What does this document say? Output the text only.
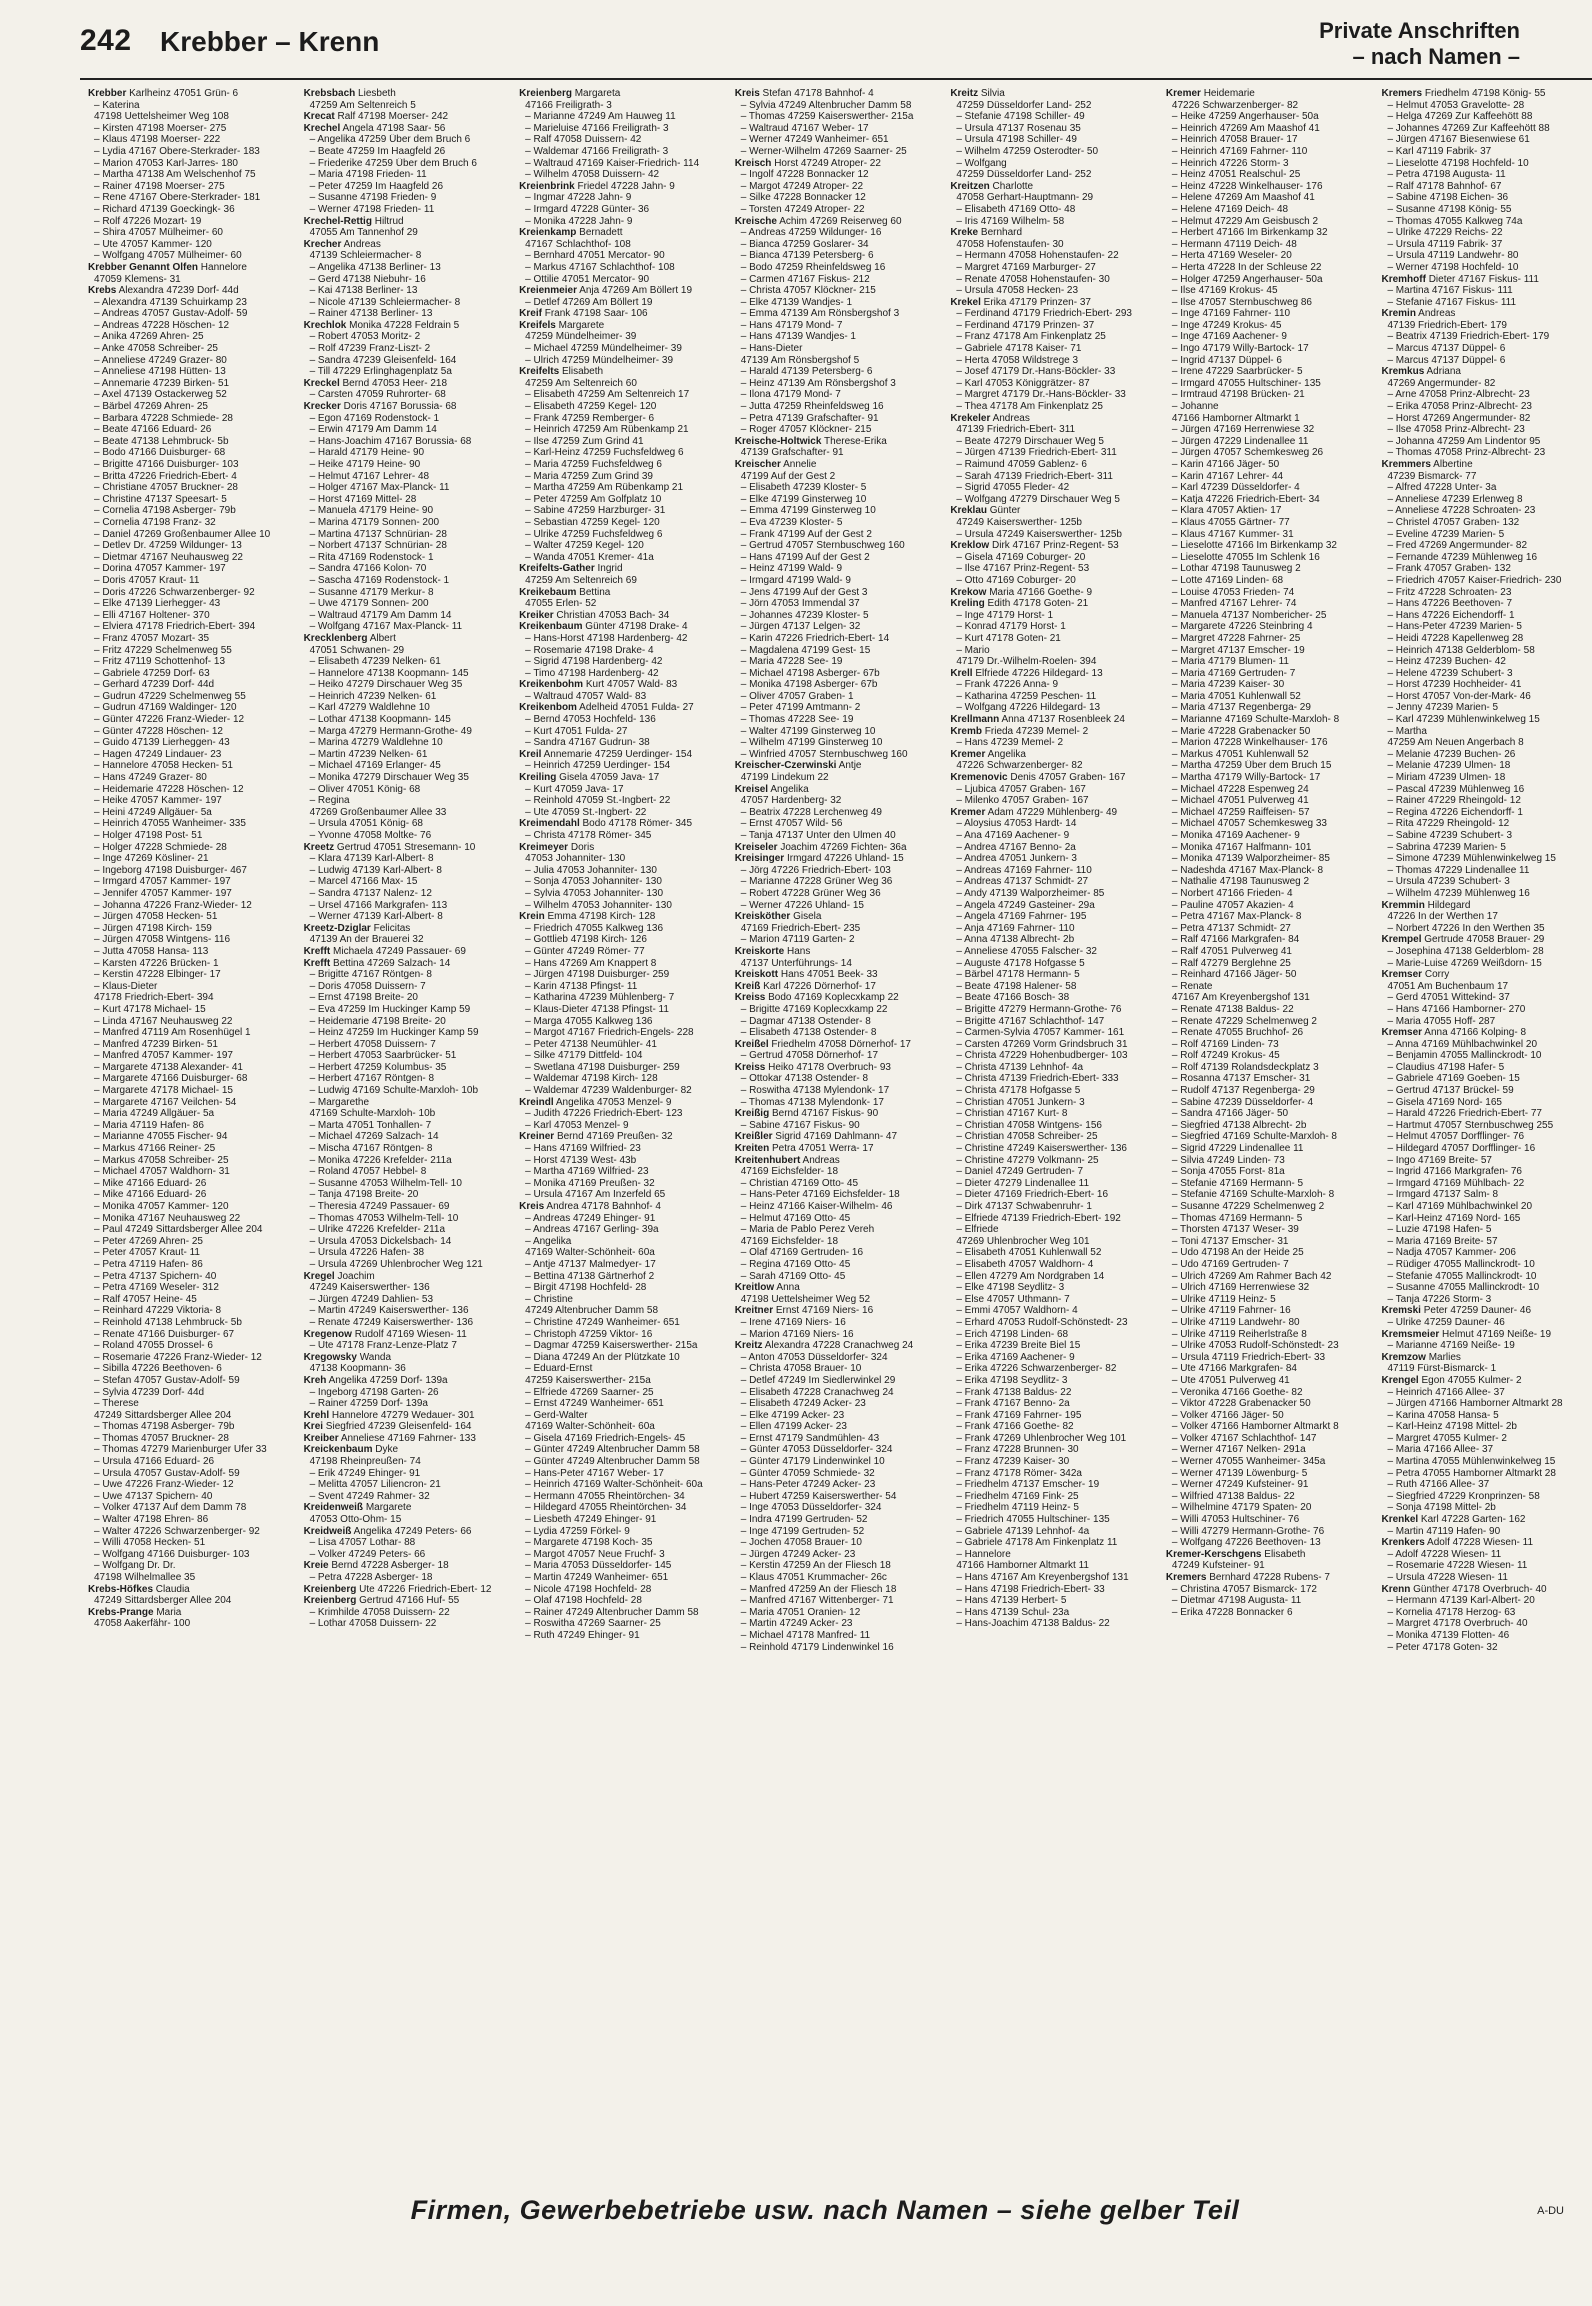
242 Krebber – Krenn	Private Anschriften
– nach Namen –
Krebber Karlheinz 47051 Grün- 6
– Katerina
47198 Uettelsheimer Weg 108
– Kirsten 47198 Moerser- 275
– Klaus 47198 Moerser- 222
– Lydia 47167 Obere-Sterkrader- 183
– Marion 47053 Karl-Jarres- 180
– Martha 47138 Am Welschenhof 75
– Rainer 47198 Moerser- 275
– Rene 47167 Obere-Sterkrader- 181
– Richard 47139 Goeckingk- 36
– Rolf 47226 Mozart- 19
– Shira 47057 Mülheimer- 60
– Ute 47057 Kammer- 120
– Wolfgang 47057 Mülheimer- 60
Krebber Genannt Olfen Hannelore
47059 Klemens- 31
Krebs Alexandra 47239 Dorf- 44d
– Alexandra 47139 Schuirkamp 23
– Andreas 47057 Gustav-Adolf- 59
– Andreas 47228 Höschen- 12
– Anika 47269 Ahren- 25
– Anke 47058 Schreiber- 25
– Anneliese 47249 Grazer- 80
– Anneliese 47198 Hütten- 13
– Annemarie 47239 Birken- 51
– Axel 47139 Ostackerweg 52
– Bärbel 47269 Ahren- 25
– Barbara 47228 Schmiede- 28
– Beate 47166 Eduard- 26
– Beate 47138 Lehmbruck- 5b
– Bodo 47166 Duisburger- 68
– Brigitte 47166 Duisburger- 103
– Britta 47226 Friedrich-Ebert- 4
– Christiane 47057 Bruckner- 28
– Christine 47137 Speesart- 5
– Cornelia 47198 Asberger- 79b
– Cornelia 47198 Franz- 32
– Daniel 47269 Großenbaumer Allee 10
– Detlev Dr. 47259 Wildunger- 13
– Dietmar 47167 Neuhausweg 22
– Dorina 47057 Kammer- 197
– Doris 47057 Kraut- 11
– Doris 47226 Schwarzenberger- 92
– Elke 47139 Lierhegger- 43
– Elli 47167 Holtener- 370
– Elviera 47178 Friedrich-Ebert- 394
– Franz 47057 Mozart- 35
– Fritz 47229 Schelmenweg 55
– Fritz 47119 Schottenhof- 13
– Gabriele 47259 Dorf- 63
– Gerhard 47239 Dorf- 44d
– Gudrun 47229 Schelmenweg 55
– Gudrun 47169 Waldinger- 120
– Günter 47226 Franz-Wieder- 12
– Günter 47228 Höschen- 12
– Guido 47139 Lierheggen- 43
– Hagen 47249 Lindauer- 23
– Hannelore 47058 Hecken- 51
– Hans 47249 Grazer- 80
– Heidemarie 47228 Höschen- 12
– Heike 47057 Kammer- 197
– Heini 47249 Allgäuer- 5a
– Heinrich 47055 Wanheimer- 335
– Holger 47198 Post- 51
– Holger 47228 Schmiede- 28
– Inge 47269 Kösliner- 21
– Ingeborg 47198 Duisburger- 467
– Irmgard 47057 Kammer- 197
– Jennifer 47057 Kammer- 197
– Johanna 47226 Franz-Wieder- 12
– Jürgen 47058 Hecken- 51
– Jürgen 47198 Kirch- 159
– Jürgen 47058 Wintgens- 116
– Jutta 47058 Hansa- 113
– Karsten 47226 Brücken- 1
– Kerstin 47228 Elbinger- 17
– Klaus-Dieter
47178 Friedrich-Ebert- 394
– Kurt 47178 Michael- 15
– Linda 47167 Neuhausweg 22
– Manfred 47119 Am Rosenhügel 1
– Manfred 47239 Birken- 51
– Manfred 47057 Kammer- 197
– Margarete 47138 Alexander- 41
– Margarete 47166 Duisburger- 68
– Margarete 47178 Michael- 15
– Margarete 47167 Veilchen- 54
– Maria 47249 Allgäuer- 5a
– Maria 47119 Hafen- 86
– Marianne 47055 Fischer- 94
– Markus 47166 Reiner- 25
– Markus 47058 Schreiber- 25
– Michael 47057 Waldhorn- 31
– Mike 47166 Eduard- 26
– Mike 47166 Eduard- 26
– Monika 47057 Kammer- 120
– Monika 47167 Neuhausweg 22
– Paul 47249 Sittardsberger Allee 204
– Peter 47269 Ahren- 25
– Peter 47057 Kraut- 11
– Petra 47119 Hafen- 86
– Petra 47137 Spichern- 40
– Petra 47169 Weseler- 312
– Ralf 47057 Heine- 45
– Reinhard 47229 Viktoria- 8
– Reinhold 47138 Lehmbruck- 5b
– Renate 47166 Duisburger- 67
– Roland 47055 Drossel- 6
– Rosemarie 47226 Franz-Wieder- 12
– Sibilla 47226 Beethoven- 6
– Stefan 47057 Gustav-Adolf- 59
– Sylvia 47239 Dorf- 44d
– Therese
47249 Sittardsberger Allee 204
– Thomas 47198 Asberger- 79b
– Thomas 47057 Bruckner- 28
– Thomas 47279 Marienburger Ufer 33
– Ursula 47166 Eduard- 26
– Ursula 47057 Gustav-Adolf- 59
– Uwe 47226 Franz-Wieder- 12
– Uwe 47137 Spichern- 40
– Volker 47137 Auf dem Damm 78
– Walter 47198 Ehren- 86
– Walter 47226 Schwarzenberger- 92
– Willi 47058 Hecken- 51
– Wolfgang 47166 Duisburger- 103
– Wolfgang Dr. Dr.
47198 Wilhelmallee 35
Krebs-Höfkes Claudia
47249 Sittardsberger Allee 204
Krebs-Prange Maria
47058 Aakerfähr- 100
Krebsbach Liesbeth
47259 Am Seltenreich 5
Krecat Ralf 47198 Moerser- 242
Krechel Angela 47198 Saar- 56
– Angelika 47259 Über dem Bruch 6
– Beate 47259 Im Haagfeld 26
– Friederike 47259 Über dem Bruch 6
– Maria 47198 Frieden- 11
– Peter 47259 Im Haagfeld 26
– Susanne 47198 Frieden- 9
– Werner 47198 Frieden- 11
Krechel-Rettig Hiltrud
47055 Am Tannenhof 29
Krecher Andreas
47139 Schleiermacher- 8
– Angelika 47138 Berliner- 13
– Gerd 47138 Niebuhr- 16
– Kai 47138 Berliner- 13
– Nicole 47139 Schleiermacher- 8
– Rainer 47138 Berliner- 13
Krechlok Monika 47228 Feldrain 5
– Robert 47053 Moritz- 2
– Rolf 47239 Franz-Liszt- 2
– Sandra 47239 Gleisenfeld- 164
– Till 47229 Erlinghagenplatz 5a
Kreckel Bernd 47053 Heer- 218
– Carsten 47059 Ruhrorter- 68
Krecker Doris 47167 Borussia- 68
– Egon 47169 Rodenstock- 1
– Erwin 47179 Am Damm 14
– Hans-Joachim 47167 Borussia- 68
– Harald 47179 Heine- 90
– Heike 47179 Heine- 90
– Helmut 47167 Lehrer- 48
– Holger 47167 Max-Planck- 11
– Horst 47169 Mittel- 28
– Manuela 47179 Heine- 90
– Marina 47179 Sonnen- 200
– Martina 47137 Schnürian- 28
– Norbert 47137 Schnürian- 28
– Rita 47169 Rodenstock- 1
– Sandra 47166 Kolon- 70
– Sascha 47169 Rodenstock- 1
– Susanne 47179 Merkur- 8
– Uwe 47179 Sonnen- 200
– Waltraud 47179 Am Damm 14
– Wolfgang 47167 Max-Planck- 11
Krecklenberg Albert
47051 Schwanen- 29
– Elisabeth 47239 Nelken- 61
– Hannelore 47138 Koopmann- 145
– Heiko 47279 Dirschauer Weg 35
– Heinrich 47239 Nelken- 61
– Karl 47279 Waldlehne 10
– Lothar 47138 Koopmann- 145
– Marga 47279 Hermann-Grothe- 49
– Marina 47279 Waldlehne 10
– Martin 47239 Nelken- 61
– Michael 47169 Erlanger- 45
– Monika 47279 Dirschauer Weg 35
– Oliver 47051 König- 68
– Regina
47269 Großenbaumer Allee 33
– Ursula 47051 König- 68
– Yvonne 47058 Moltke- 76
Kreetz Gertrud 47051 Stresemann- 10
– Klara 47139 Karl-Albert- 8
– Ludwig 47139 Karl-Albert- 8
– Marcel 47166 Max- 15
– Sandra 47137 Nalenz- 12
– Ursel 47166 Markgrafen- 113
– Werner 47139 Karl-Albert- 8
Kreetz-Dziglar Felicitas
47139 An der Brauerei 32
Krefft Michaela 47249 Passauer- 69
Krefft Bettina 47269 Salzach- 14
– Brigitte 47167 Röntgen- 8
– Doris 47058 Duissern- 7
– Ernst 47198 Breite- 20
– Eva 47259 Im Huckinger Kamp 59
– Heidemarie 47198 Breite- 20
– Heinz 47259 Im Huckinger Kamp 59
– Herbert 47058 Duissern- 7
– Herbert 47053 Saarbrücker- 51
– Herbert 47259 Kolumbus- 35
– Herbert 47167 Röntgen- 8
– Ludwig 47169 Schulte-Marxloh- 10b
– Margarethe
47169 Schulte-Marxloh- 10b
– Marta 47051 Tonhallen- 7
– Michael 47269 Salzach- 14
– Mischa 47167 Röntgen- 8
– Monika 47226 Krefelder- 211a
– Roland 47057 Hebbel- 8
– Susanne 47053 Wilhelm-Tell- 10
– Tanja 47198 Breite- 20
– Theresia 47249 Passauer- 69
– Thomas 47053 Wilhelm-Tell- 10
– Ulrike 47226 Krefelder- 211a
– Ursula 47053 Dickelsbach- 14
– Ursula 47226 Hafen- 38
– Ursula 47269 Uhlenbrocher Weg 121
Kregel Joachim
47249 Kaiserswerther- 136
– Jürgen 47249 Dahlien- 53
– Martin 47249 Kaiserswerther- 136
– Renate 47249 Kaiserswerther- 136
Kregenow Rudolf 47169 Wiesen- 11
– Ute 47178 Franz-Lenze-Platz 7
Kregowsky Wanda
47138 Koopmann- 36
Kreh Angelika 47259 Dorf- 139a
– Ingeborg 47198 Garten- 26
– Rainer 47259 Dorf- 139a
Krehl Hannelore 47279 Wedauer- 301
Krei Siegfried 47239 Gleisenfeld- 164
Kreiber Anneliese 47169 Fahrner- 133
Kreickenbaum Dyke
47198 Rheinpreußen- 74
– Erik 47249 Ehinger- 91
– Melitta 47057 Liliencron- 21
– Svent 47249 Rahmer- 32
Kreidenweiß Margarete
47053 Otto-Ohm- 15
Kreidweiß Angelika 47249 Peters- 66
– Lisa 47057 Lothar- 88
– Volker 47249 Peters- 66
Kreie Bernd 47228 Asberger- 18
– Petra 47228 Asberger- 18
Kreienberg Ute 47226 Friedrich-Ebert- 12
Kreienberg Gertrud 47166 Huf- 55
– Krimhilde 47058 Duissern- 22
– Lothar 47058 Duissern- 22
Kreienberg Margareta
47166 Freiligrath- 3
– Marianne 47249 Am Hauweg 11
– Marieluise 47166 Freiligrath- 3
– Ralf 47058 Duissern- 42
– Waldemar 47166 Freiligrath- 3
– Waltraud 47169 Kaiser-Friedrich- 114
– Wilhelm 47058 Duissern- 42
Kreienbrink Friedel 47228 Jahn- 9
– Ingmar 47228 Jahn- 9
– Irmgard 47228 Günter- 36
– Monika 47228 Jahn- 9
Kreienkamp Bernadett
47167 Schlachthof- 108
– Bernhard 47051 Mercator- 90
– Markus 47167 Schlachthof- 108
– Ottilie 47051 Mercator- 90
Kreienmeier Anja 47269 Am Böllert 19
– Detlef 47269 Am Böllert 19
Kreif Frank 47198 Saar- 106
Kreifels Margarete
47259 Mündelheimer- 39
– Michael 47259 Mündelheimer- 39
– Ulrich 47259 Mündelheimer- 39
Kreifelts Elisabeth
47259 Am Seltenreich 60
– Elisabeth 47259 Am Seltenreich 17
– Elisabeth 47259 Kegel- 120
– Frank 47259 Remberger- 6
– Heinrich 47259 Am Rübenkamp 21
– Ilse 47259 Zum Grind 41
– Karl-Heinz 47259 Fuchsfeldweg 6
– Maria 47259 Fuchsfeldweg 6
– Maria 47259 Zum Grind 39
– Martha 47259 Am Rübenkamp 21
– Peter 47259 Am Golfplatz 10
– Sabine 47259 Harzburger- 31
– Sebastian 47259 Kegel- 120
– Ulrike 47259 Fuchsfeldweg 6
– Walter 47259 Kegel- 120
– Wanda 47051 Kremer- 41a
Kreifelts-Gather Ingrid
47259 Am Seltenreich 69
Kreikebaum Bettina
47055 Erlen- 52
Kreiker Christian 47053 Bach- 34
Kreikenbaum Günter 47198 Drake- 4
– Hans-Horst 47198 Hardenberg- 42
– Rosemarie 47198 Drake- 4
– Sigrid 47198 Hardenberg- 42
– Timo 47198 Hardenberg- 42
Kreikenbohm Kurt 47057 Wald- 83
– Waltraud 47057 Wald- 83
Kreikenbom Adelheid 47051 Fulda- 27
– Bernd 47053 Hochfeld- 136
– Kurt 47051 Fulda- 27
– Sandra 47167 Gudrun- 38
Kreil Annemarie 47259 Uerdinger- 154
– Heinrich 47259 Uerdinger- 154
Kreiling Gisela 47059 Java- 17
– Kurt 47059 Java- 17
– Reinhold 47059 St.-Ingbert- 22
– Ute 47059 St.-Ingbert- 22
Kreimendahl Bodo 47178 Römer- 345
– Christa 47178 Römer- 345
Kreimeyer Doris
47053 Johanniter- 130
– Julia 47053 Johanniter- 130
– Sonja 47053 Johanniter- 130
– Sylvia 47053 Johanniter- 130
– Wilhelm 47053 Johanniter- 130
Krein Emma 47198 Kirch- 128
– Friedrich 47055 Kalkweg 136
– Gottlieb 47198 Kirch- 126
– Günter 47249 Römer- 77
– Hans 47269 Am Knappert 8
– Jürgen 47198 Duisburger- 259
– Karin 47138 Pfingst- 11
– Katharina 47239 Mühlenberg- 7
– Klaus-Dieter 47138 Pfingst- 11
– Marga 47055 Kalkweg 136
– Margot 47167 Friedrich-Engels- 228
– Peter 47138 Neumühler- 41
– Silke 47179 Dittfeld- 104
– Swetlana 47198 Duisburger- 259
– Waldemar 47198 Kirch- 128
– Waldemar 47239 Waldenburger- 82
Kreindl Angelika 47053 Menzel- 9
– Judith 47226 Friedrich-Ebert- 123
– Karl 47053 Menzel- 9
Kreiner Bernd 47169 Preußen- 32
– Hans 47169 Wilfried- 23
– Horst 47139 West- 43b
– Martha 47169 Wilfried- 23
– Monika 47169 Preußen- 32
– Ursula 47167 Am Inzerfeld 65
Kreis Andrea 47178 Bahnhof- 4
– Andreas 47249 Ehinger- 91
– Andreas 47167 Gerling- 39a
– Angelika
47169 Walter-Schönheit- 60a
– Antje 47137 Malmedyer- 17
– Bettina 47138 Gärtnerhof 2
– Birgit 47198 Hochfeld- 28
– Christine
47249 Altenbrucher Damm 58
– Christine 47249 Wanheimer- 651
– Christoph 47259 Viktor- 16
– Dagmar 47259 Kaiserswerther- 215a
– Diana 47249 An der Plützkate 10
– Eduard-Ernst
47259 Kaiserswerther- 215a
– Elfriede 47269 Saarner- 25
– Ernst 47249 Wanheimer- 651
– Gerd-Walter
47169 Walter-Schönheit- 60a
– Gisela 47169 Friedrich-Engels- 45
– Günter 47249 Altenbrucher Damm 58
– Günter 47249 Altenbrucher Damm 58
– Hans-Peter 47167 Weber- 17
– Heinrich 47169 Walter-Schönheit- 60a
– Hermann 47055 Rheintörchen- 34
– Hildegard 47055 Rheintörchen- 34
– Liesbeth 47249 Ehinger- 91
– Lydia 47259 Förkel- 9
– Margarete 47198 Koch- 35
– Margot 47057 Neue Fruchf- 3
– Maria 47053 Düsseldorfer- 145
– Martin 47249 Wanheimer- 651
– Nicole 47198 Hochfeld- 28
– Olaf 47198 Hochfeld- 28
– Rainer 47249 Altenbrucher Damm 58
– Roswitha 47269 Saarner- 25
– Ruth 47249 Ehinger- 91
Kreis Stefan 47178 Bahnhof- 4
– Sylvia 47249 Altenbrucher Damm 58
– Thomas 47259 Kaiserswerther- 215a
– Waltraud 47167 Weber- 17
– Werner 47249 Wanheimer- 651
– Werner-Wilhelm 47269 Saarner- 25
Kreisch Horst 47249 Atroper- 22
– Ingolf 47228 Bonnacker 12
– Margot 47249 Atroper- 22
– Silke 47228 Bonnacker 12
– Torsten 47249 Atroper- 22
Kreische Achim 47269 Reiserweg 60
– Andreas 47259 Wildunger- 16
– Bianca 47259 Goslarer- 34
– Bianca 47139 Petersberg- 6
– Bodo 47259 Rheinfeldsweg 16
– Carmen 47167 Fiskus- 212
– Christa 47057 Klöckner- 215
– Elke 47139 Wandjes- 1
– Emma 47139 Am Rönsbergshof 3
– Hans 47179 Mond- 7
– Hans 47139 Wandjes- 1
– Hans-Dieter
47139 Am Rönsbergshof 5
– Harald 47139 Petersberg- 6
– Heinz 47139 Am Rönsbergshof 3
– Ilona 47179 Mond- 7
– Jutta 47259 Rheinfeldsweg 16
– Petra 47139 Grafschafter- 91
– Roger 47057 Klöckner- 215
Kreische-Holtwick Therese-Erika
47139 Grafschafter- 91
Kreischer Annelie
47199 Auf der Gest 2
– Elisabeth 47239 Kloster- 5
– Elke 47199 Ginsterweg 10
– Emma 47199 Ginsterweg 10
– Eva 47239 Kloster- 5
– Frank 47199 Auf der Gest 2
– Gertrud 47057 Sternbuschweg 160
– Hans 47199 Auf der Gest 2
– Heinz 47199 Wald- 9
– Irmgard 47199 Wald- 9
– Jens 47199 Auf der Gest 3
– Jörn 47053 Immendal 37
– Johannes 47239 Kloster- 5
– Jürgen 47137 Lelgen- 32
– Karin 47226 Friedrich-Ebert- 14
– Magdalena 47199 Gest- 15
– Maria 47228 See- 19
– Michael 47198 Asberger- 67b
– Monika 47198 Asberger- 67b
– Oliver 47057 Graben- 1
– Peter 47199 Amtmann- 2
– Thomas 47228 See- 19
– Walter 47199 Ginsterweg 10
– Wilhelm 47199 Ginsterweg 10
– Winfried 47057 Sternbuschweg 160
Kreischer-Czerwinski Antje
47199 Lindekum 22
Kreisel Angelika
47057 Hardenberg- 32
– Beatrix 47228 Lerchenweg 49
– Ernst 47057 Wild- 56
– Tanja 47137 Unter den Ulmen 40
Kreiseler Joachim 47269 Fichten- 36a
Kreisinger Irmgard 47226 Uhland- 15
– Jörg 47226 Friedrich-Ebert- 103
– Marianne 47228 Grüner Weg 36
– Robert 47228 Grüner Weg 36
– Werner 47226 Uhland- 15
Kreisköther Gisela
47169 Friedrich-Ebert- 235
– Marion 47119 Garten- 2
Kreiskorte Hans
47137 Unterführungs- 14
Kreiskott Hans 47051 Beek- 33
Kreiß Karl 47226 Dörnerhof- 17
Kreiss Bodo 47169 Koplecxkamp 22
– Brigitte 47169 Koplecxkamp 22
– Dagmar 47138 Ostender- 8
– Elisabeth 47138 Ostender- 8
Kreißel Friedhelm 47058 Dörnerhof- 17
– Gertrud 47058 Dörnerhof- 17
Kreiss Heiko 47178 Overbruch- 93
– Ottokar 47138 Ostender- 8
– Roswitha 47138 Mylendonk- 17
– Thomas 47138 Mylendonk- 17
Kreißig Bernd 47167 Fiskus- 90
– Sabine 47167 Fiskus- 90
Kreißler Sigrid 47169 Dahlmann- 47
Kreiten Petra 47051 Werra- 17
Kreitenhubert Andreas
47169 Eichsfelder- 18
– Christian 47169 Otto- 45
– Hans-Peter 47169 Eichsfelder- 18
– Heinz 47166 Kaiser-Wilhelm- 46
– Helmut 47169 Otto- 45
– Maria de Pablo Perez Vereh
47169 Eichsfelder- 18
– Olaf 47169 Gertruden- 16
– Regina 47169 Otto- 45
– Sarah 47169 Otto- 45
Kreitlow Anna
47198 Uettelsheimer Weg 52
Kreitner Ernst 47169 Niers- 16
– Irene 47169 Niers- 16
– Marion 47169 Niers- 16
Kreitz Alexandra 47228 Cranachweg 24
– Anton 47053 Düsseldorfer- 324
– Christa 47058 Brauer- 10
– Detlef 47249 Im Siedlerwinkel 29
– Elisabeth 47228 Cranachweg 24
– Elisabeth 47249 Acker- 23
– Elke 47199 Acker- 23
– Ellen 47199 Acker- 23
– Ernst 47179 Sandmühlen- 43
– Günter 47053 Düsseldorfer- 324
– Günter 47179 Lindenwinkel 10
– Günter 47059 Schmiede- 32
– Hans-Peter 47249 Acker- 23
– Hubert 47259 Kaiserswerther- 54
– Inge 47053 Düsseldorfer- 324
– Indra 47199 Gertruden- 52
– Inge 47199 Gertruden- 52
– Jochen 47058 Brauer- 10
– Jürgen 47249 Acker- 23
– Kerstin 47259 An der Fliesch 18
– Klaus 47051 Krummacher- 26c
– Manfred 47259 An der Fliesch 18
– Manfred 47167 Wittenberger- 71
– Maria 47051 Oranien- 12
– Martin 47249 Acker- 23
– Michael 47178 Manfred- 11
– Reinhold 47179 Lindenwinkel 16
Kreitz Silvia
47259 Düsseldorfer Land- 252
– Stefanie 47198 Schiller- 49
– Ursula 47137 Rosenau 35
– Ursula 47198 Schiller- 49
– Wilhelm 47259 Osterodter- 50
– Wolfgang
47259 Düsseldorfer Land- 252
Kreitzen Charlotte
47058 Gerhart-Hauptmann- 29
– Elisabeth 47169 Otto- 48
– Iris 47169 Wilhelm- 58
Kreke Bernhard
47058 Hofenstaufen- 30
– Hermann 47058 Hohenstaufen- 22
– Margret 47169 Marburger- 27
– Renate 47058 Hohenstaufen- 30
– Ursula 47058 Hecken- 23
Krekel Erika 47179 Prinzen- 37
– Ferdinand 47179 Friedrich-Ebert- 293
– Ferdinand 47179 Prinzen- 37
– Franz 47178 Am Finkenplatz 25
– Gabriele 47178 Kaiser- 71
– Herta 47058 Wildstrege 3
– Josef 47179 Dr.-Hans-Böckler- 33
– Karl 47053 Königgrätzer- 87
– Margret 47179 Dr.-Hans-Böckler- 33
– Thea 47178 Am Finkenplatz 25
Krekeler Andreas
47139 Friedrich-Ebert- 311
– Beate 47279 Dirschauer Weg 5
– Jürgen 47139 Friedrich-Ebert- 311
– Raimund 47059 Gablenz- 6
– Sarah 47139 Friedrich-Ebert- 311
– Sigrid 47055 Fleder- 42
– Wolfgang 47279 Dirschauer Weg 5
Kreklau Günter
47249 Kaiserswerther- 125b
– Ursula 47249 Kaiserswerther- 125b
Kreklow Dirk 47167 Prinz-Regent- 53
– Gisela 47169 Coburger- 20
– Ilse 47167 Prinz-Regent- 53
– Otto 47169 Coburger- 20
Krekow Maria 47166 Goethe- 9
Kreling Edith 47178 Goten- 21
– Inge 47179 Horst- 1
– Konrad 47179 Horst- 1
– Kurt 47178 Goten- 21
– Mario
47179 Dr.-Wilhelm-Roelen- 394
Krell Elfriede 47226 Hildegard- 13
– Frank 47226 Anna- 9
– Katharina 47259 Peschen- 11
– Wolfgang 47226 Hildegard- 13
Krellmann Anna 47137 Rosenbleek 24
Kremb Frieda 47239 Memel- 2
– Hans 47239 Memel- 2
Kremer Angelika
47226 Schwarzenberger- 82
Kremenovic Denis 47057 Graben- 167
– Ljubica 47057 Graben- 167
– Milenko 47057 Graben- 167
Kremer Adam 47229 Mühlenberg- 49
– Aloysius 47053 Hardt- 14
– Ana 47169 Aachener- 9
– Andrea 47167 Benno- 2a
– Andrea 47051 Junkern- 3
– Andreas 47169 Fahrner- 110
– Andreas 47137 Schmidt- 27
– Andy 47139 Walporzheimer- 85
– Angela 47249 Gasteiner- 29a
– Angela 47169 Fahrner- 195
– Anja 47169 Fahrner- 110
– Anna 47138 Albrecht- 2b
– Anneliese 47055 Falscher- 32
– Auguste 47178 Hofgasse 5
– Bärbel 47178 Hermann- 5
– Beate 47198 Halener- 58
– Beate 47166 Bosch- 38
– Brigitte 47279 Hermann-Grothe- 76
– Brigitte 47167 Schlachthof- 147
– Carmen-Sylvia 47057 Kammer- 161
– Carsten 47269 Vorm Grindsbruch 31
– Christa 47229 Hohenbudberger- 103
– Christa 47139 Lehnhof- 4a
– Christa 47139 Friedrich-Ebert- 333
– Christa 47178 Hofgasse 5
– Christian 47051 Junkern- 3
– Christian 47167 Kurt- 8
– Christian 47058 Wintgens- 156
– Christian 47058 Schreiber- 25
– Christine 47249 Kaiserswerther- 136
– Christine 47279 Volkmann- 25
– Daniel 47249 Gertruden- 7
– Dieter 47279 Lindenallee 11
– Dieter 47169 Friedrich-Ebert- 16
– Dirk 47137 Schwabenruhr- 1
– Elfriede 47139 Friedrich-Ebert- 192
– Elfriede
47269 Uhlenbrocher Weg 101
– Elisabeth 47051 Kuhlenwall 52
– Elisabeth 47057 Waldhorn- 4
– Ellen 47279 Am Nordgraben 14
– Elke 47198 Seydlitz- 3
– Else 47057 Uthmann- 7
– Emmi 47057 Waldhorn- 4
– Erhard 47053 Rudolf-Schönstedt- 23
– Erich 47198 Linden- 68
– Erika 47239 Breite Biel 15
– Erika 47169 Aachener- 9
– Erika 47226 Schwarzenberger- 82
– Erika 47198 Seydlitz- 3
– Frank 47138 Baldus- 22
– Frank 47167 Benno- 2a
– Frank 47169 Fahrner- 195
– Frank 47166 Goethe- 82
– Frank 47269 Uhlenbrocher Weg 101
– Franz 47228 Brunnen- 30
– Franz 47239 Kaiser- 30
– Franz 47178 Römer- 342a
– Friedhelm 47137 Emscher- 19
– Friedhelm 47169 Fink- 25
– Friedhelm 47119 Heinz- 5
– Friedrich 47055 Hultschiner- 135
– Gabriele 47139 Lehnhof- 4a
– Gabriele 47178 Am Finkenplatz 11
– Hannelore
47166 Hamborner Altmarkt 11
– Hans 47167 Am Kreyenbergshof 131
– Hans 47198 Friedrich-Ebert- 33
– Hans 47139 Herbert- 5
– Hans 47139 Schul- 23a
– Hans-Joachim 47138 Baldus- 22
Kremer Heidemarie
47226 Schwarzenberger- 82
– Heike 47259 Angerhauser- 50a
– Heinrich 47269 Am Maashof 41
– Heinrich 47058 Brauer- 17
– Heinrich 47169 Fahrner- 110
– Heinrich 47226 Storm- 3
– Heinz 47051 Realschul- 25
– Heinz 47228 Winkelhauser- 176
– Helene 47269 Am Maashof 41
– Helene 47169 Deich- 48
– Helmut 47229 Am Geisbusch 2
– Herbert 47166 Im Birkenkamp 32
– Hermann 47119 Deich- 48
– Herta 47169 Weseler- 20
– Herta 47228 In der Schleuse 22
– Holger 47259 Angerhauser- 50a
– Ilse 47169 Krokus- 45
– Ilse 47057 Sternbuschweg 86
– Inge 47169 Fahrner- 110
– Inge 47249 Krokus- 45
– Inge 47169 Aachener- 9
– Ingo 47179 Willy-Bartock- 17
– Ingrid 47137 Düppel- 6
– Irene 47229 Saarbrücker- 5
– Irmgard 47055 Hultschiner- 135
– Irmtraud 47198 Brücken- 21
– Johanne
47166 Hamborner Altmarkt 1
– Jürgen 47169 Herrenwiese 32
– Jürgen 47229 Lindenallee 11
– Jürgen 47057 Schemkesweg 26
– Karin 47166 Jäger- 50
– Karin 47167 Lehrer- 44
– Karl 47239 Düsseldorfer- 4
– Katja 47226 Friedrich-Ebert- 34
– Klara 47057 Aktien- 17
– Klaus 47055 Gärtner- 77
– Klaus 47167 Kummer- 31
– Lieselotte 47166 Im Birkenkamp 32
– Lieselotte 47055 Im Schlenk 16
– Lothar 47198 Taunusweg 2
– Lotte 47169 Linden- 68
– Louise 47053 Frieden- 74
– Manfred 47167 Lehrer- 74
– Manuela 47137 Nombericher- 25
– Margarete 47226 Steinbring 4
– Margret 47228 Fahrner- 25
– Margret 47137 Emscher- 19
– Maria 47179 Blumen- 11
– Maria 47169 Gertruden- 7
– Maria 47239 Kaiser- 30
– Maria 47051 Kuhlenwall 52
– Maria 47137 Regenberga- 29
– Marianne 47169 Schulte-Marxloh- 8
– Marie 47228 Grabenacker 50
– Marion 47228 Winkelhauser- 176
– Markus 47051 Kuhlenwall 52
– Martha 47259 Über dem Bruch 15
– Martha 47179 Willy-Bartock- 17
– Michael 47228 Espenweg 24
– Michael 47051 Pulverweg 41
– Michael 47259 Raiffeisen- 57
– Michael 47057 Schemkesweg 33
– Monika 47169 Aachener- 9
– Monika 47167 Halfmann- 101
– Monika 47139 Walporzheimer- 85
– Nadeshda 47167 Max-Planck- 8
– Nathalie 47198 Taunusweg 2
– Norbert 47166 Frieden- 4
– Pauline 47057 Akazien- 4
– Petra 47167 Max-Planck- 8
– Petra 47137 Schmidt- 27
– Ralf 47166 Markgrafen- 84
– Ralf 47051 Pulverweg 41
– Ralf 47279 Berglehne 25
– Reinhard 47166 Jäger- 50
– Renate
47167 Am Kreyenbergshof 131
– Renate 47138 Baldus- 22
– Renate 47229 Schelmenweg 2
– Renate 47055 Bruchhof- 26
– Rolf 47169 Linden- 73
– Rolf 47249 Krokus- 45
– Rolf 47139 Rolandsdeckplatz 3
– Rosanna 47137 Emscher- 31
– Rudolf 47137 Regenberga- 29
– Sabine 47239 Düsseldorfer- 4
– Sandra 47166 Jäger- 50
– Siegfried 47138 Albrecht- 2b
– Siegfried 47169 Schulte-Marxloh- 8
– Sigrid 47229 Lindenallee 11
– Silvia 47249 Linden- 73
– Sonja 47055 Forst- 81a
– Stefanie 47169 Hermann- 5
– Stefanie 47169 Schulte-Marxloh- 8
– Susanne 47229 Schelmenweg 2
– Thomas 47169 Hermann- 5
– Thorsten 47137 Weser- 39
– Toni 47137 Emscher- 31
– Udo 47198 An der Heide 25
– Udo 47169 Gertruden- 7
– Ulrich 47269 Am Rahmer Bach 42
– Ulrich 47169 Herrenwiese 32
– Ulrike 47119 Heinz- 5
– Ulrike 47119 Fahrner- 16
– Ulrike 47119 Landwehr- 80
– Ulrike 47119 Reiherlstraße 8
– Ulrike 47053 Rudolf-Schönstedt- 23
– Ursula 47119 Friedrich-Ebert- 33
– Ute 47166 Markgrafen- 84
– Ute 47051 Pulverweg 41
– Veronika 47166 Goethe- 82
– Viktor 47228 Grabenacker 50
– Volker 47166 Jäger- 50
– Volker 47166 Hamborner Altmarkt 8
– Volker 47167 Schlachthof- 147
– Werner 47167 Nelken- 291a
– Werner 47055 Wanheimer- 345a
– Werner 47139 Löwenburg- 5
– Werner 47249 Kufsteiner- 91
– Wilfried 47138 Baldus- 22
– Wilhelmine 47179 Spaten- 20
– Willi 47053 Hultschiner- 76
– Willi 47279 Hermann-Grothe- 76
– Wolfgang 47226 Beethoven- 13
Kremer-Kerschgens Elisabeth
47249 Kufsteiner- 91
Kremers Bernhard 47228 Rubens- 7
– Christina 47057 Bismarck- 172
– Dietmar 47198 Augusta- 11
– Erika 47228 Bonnacker 6
Kremers Friedhelm 47198 König- 55
– Helmut 47053 Gravelotte- 28
– Helga 47269 Zur Kaffeehött 88
– Johannes 47269 Zur Kaffeehött 88
– Jürgen 47167 Biesenwiese 61
– Karl 47119 Fabrik- 37
– Lieselotte 47198 Hochfeld- 10
– Petra 47198 Augusta- 11
– Ralf 47178 Bahnhof- 67
– Sabine 47198 Eichen- 36
– Susanne 47198 König- 55
– Thomas 47055 Kalkweg 74a
– Ulrike 47229 Reichs- 22
– Ursula 47119 Fabrik- 37
– Ursula 47119 Landwehr- 80
– Werner 47198 Hochfeld- 10
Kremhoff Dieter 47167 Fiskus- 111
– Martina 47167 Fiskus- 111
– Stefanie 47167 Fiskus- 111
Kremin Andreas
47139 Friedrich-Ebert- 179
– Beatrix 47139 Friedrich-Ebert- 179
– Marcus 47137 Düppel- 6
– Marcus 47137 Düppel- 6
Kremkus Adriana
47269 Angermunder- 82
– Arne 47058 Prinz-Albrecht- 23
– Erika 47058 Prinz-Albrecht- 23
– Horst 47269 Angermunder- 82
– Ilse 47058 Prinz-Albrecht- 23
– Johanna 47259 Am Lindentor 95
– Thomas 47058 Prinz-Albrecht- 23
Kremmers Albertine
47239 Bismarck- 77
– Alfred 47228 Unter- 3a
– Anneliese 47239 Erlenweg 8
– Anneliese 47228 Schroaten- 23
– Christel 47057 Graben- 132
– Eveline 47239 Marien- 5
– Fred 47269 Angermunder- 82
– Fernande 47239 Mühlenweg 16
– Frank 47057 Graben- 132
– Friedrich 47057 Kaiser-Friedrich- 230
– Fritz 47228 Schroaten- 23
– Hans 47226 Beethoven- 7
– Hans 47226 Eichendorff- 1
– Hans-Peter 47239 Marien- 5
– Heidi 47228 Kapellenweg 28
– Heinrich 47138 Gelderblom- 58
– Heinz 47239 Buchen- 42
– Helene 47239 Schubert- 3
– Horst 47239 Hochheider- 41
– Horst 47057 Von-der-Mark- 46
– Jenny 47239 Marien- 5
– Karl 47239 Mühlenwinkelweg 15
– Martha
47259 Am Neuen Angerbach 8
– Melanie 47239 Buchen- 26
– Melanie 47239 Ulmen- 18
– Miriam 47239 Ulmen- 18
– Pascal 47239 Mühlenweg 16
– Rainer 47229 Rheingold- 12
– Regina 47226 Eichendorff- 1
– Rita 47229 Rheingold- 12
– Sabine 47239 Schubert- 3
– Sabrina 47239 Marien- 5
– Simone 47239 Mühlenwinkelweg 15
– Thomas 47229 Lindenallee 11
– Ursula 47239 Schubert- 3
– Wilhelm 47239 Mühlenweg 16
Kremmin Hildegard
47226 In der Werthen 17
– Norbert 47226 In den Werthen 35
Krempel Gertrude 47058 Brauer- 29
– Josephina 47138 Gelderblom- 28
– Marie-Luise 47269 Weißdorn- 15
Kremser Corry
47051 Am Buchenbaum 17
– Gerd 47051 Wittekind- 37
– Hans 47166 Hamborner- 270
– Maria 47055 Hoff- 287
Kremser Anna 47166 Kolping- 8
– Anna 47169 Mühlbachwinkel 20
– Benjamin 47055 Mallinckrodt- 10
– Claudius 47198 Hafer- 5
– Gabriele 47169 Goeben- 15
– Gertrud 47137 Brückel- 59
– Gisela 47169 Nord- 165
– Harald 47226 Friedrich-Ebert- 77
– Hartmut 47057 Sternbuschweg 255
– Helmut 47057 Dorfflinger- 76
– Hildegard 47057 Dorfflinger- 16
– Ingo 47169 Breite- 57
– Ingrid 47166 Markgrafen- 76
– Irmgard 47169 Mühlbach- 22
– Irmgard 47137 Salm- 8
– Karl 47169 Mühlbachwinkel 20
– Karl-Heinz 47169 Nord- 165
– Luzie 47198 Hafen- 5
– Maria 47169 Breite- 57
– Nadja 47057 Kammer- 206
– Rüdiger 47055 Mallinckrodt- 10
– Stefanie 47055 Mallinckrodt- 10
– Susanne 47055 Mallinckrodt- 10
– Tanja 47226 Storm- 3
Kremski Peter 47259 Dauner- 46
– Ulrike 47259 Dauner- 46
Kremsmeier Helmut 47169 Neiße- 19
– Marianne 47169 Neiße- 19
Kremzow Marlies
47119 Fürst-Bismarck- 1
Krengel Egon 47055 Kulmer- 2
– Heinrich 47166 Allee- 37
– Jürgen 47166 Hamborner Altmarkt 28
– Karina 47058 Hansa- 5
– Karl-Heinz 47198 Mittel- 2b
– Margret 47055 Kulmer- 2
– Maria 47166 Allee- 37
– Martina 47055 Mühlenwinkelweg 15
– Petra 47055 Hamborner Altmarkt 28
– Ruth 47166 Allee- 37
– Siegfried 47229 Kronprinzen- 58
– Sonja 47198 Mittel- 2b
Krenkel Karl 47228 Garten- 162
– Martin 47119 Hafen- 90
Krenkers Adolf 47228 Wiesen- 11
– Adolf 47228 Wiesen- 11
– Rosemarie 47228 Wiesen- 11
– Ursula 47228 Wiesen- 11
Krenn Günther 47178 Overbruch- 40
– Hermann 47139 Karl-Albert- 20
– Kornelia 47178 Herzog- 63
– Margret 47178 Overbruch- 40
– Monika 47139 Flotten- 46
– Peter 47178 Goten- 32
Firmen, Gewerbebetriebe usw. nach Namen – siehe gelber Teil	A-DU
